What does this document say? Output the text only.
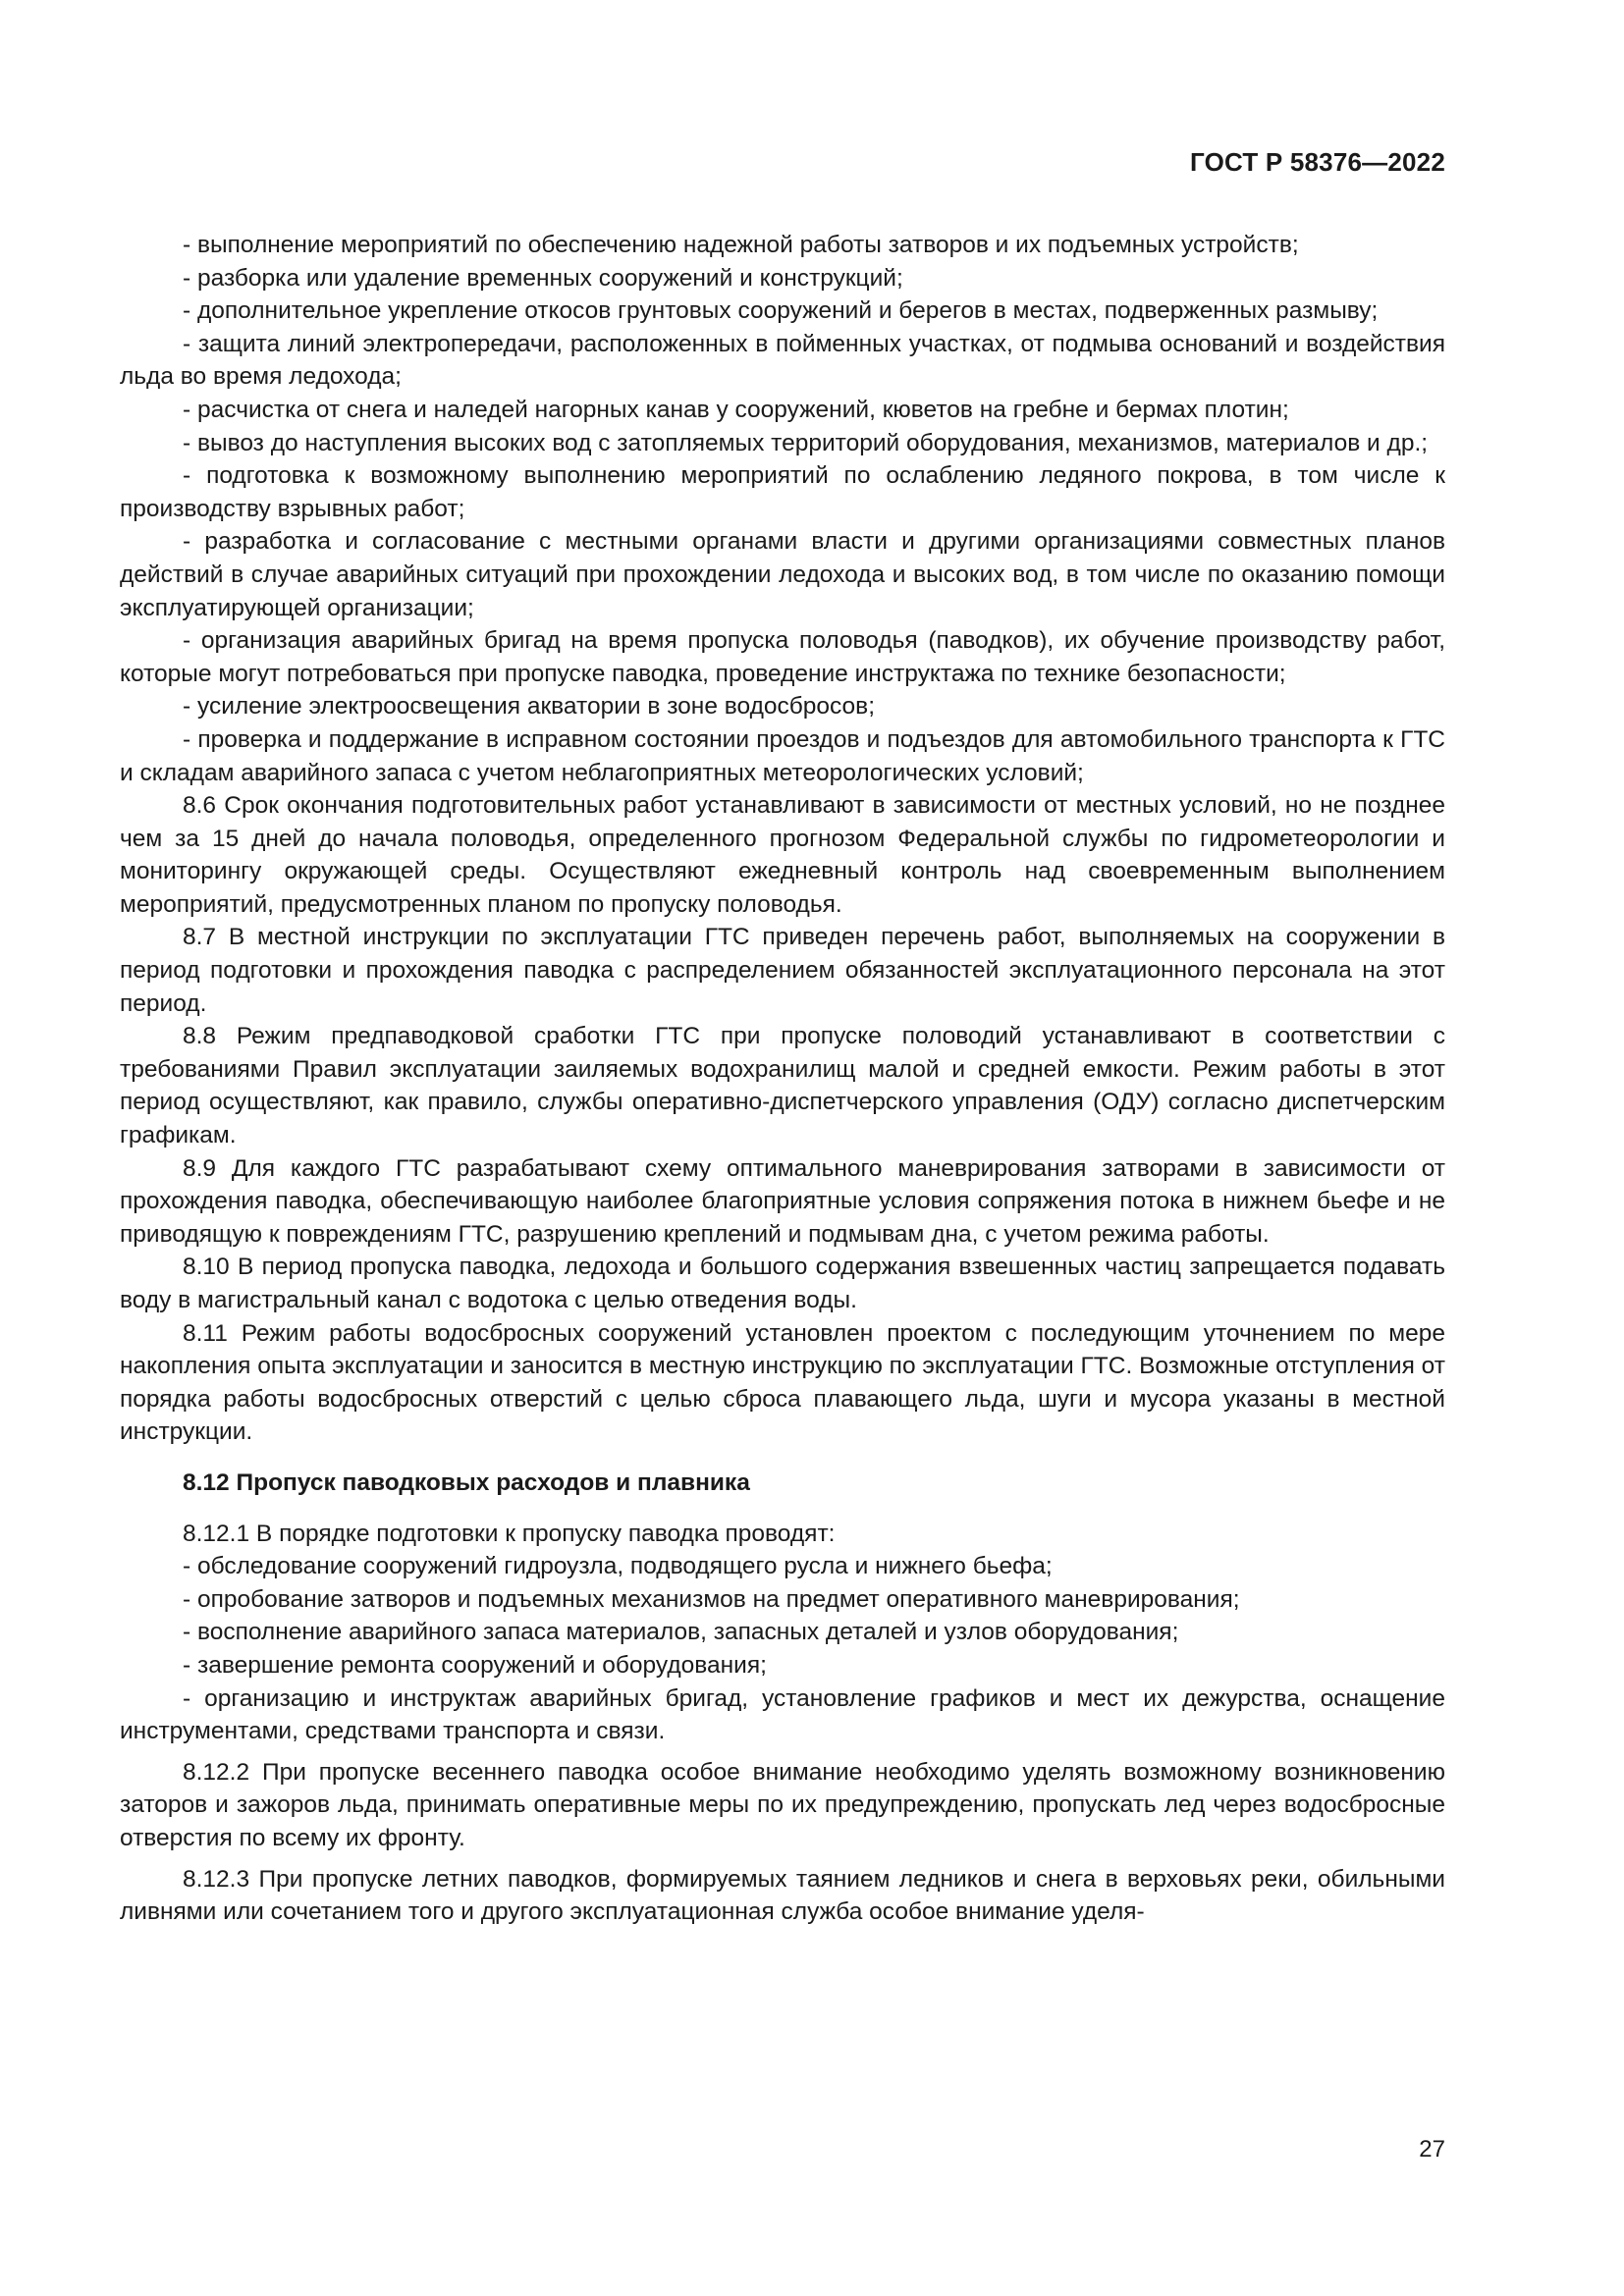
ГОСТ Р 58376—2022

- выполнение мероприятий по обеспечению надежной работы затворов и их подъемных устройств;

- разборка или удаление временных сооружений и конструкций;

- дополнительное укрепление откосов грунтовых сооружений и берегов в местах, подверженных размыву;

- защита линий электропередачи, расположенных в пойменных участках, от подмыва оснований и воздействия льда во время ледохода;

- расчистка от снега и наледей нагорных канав у сооружений, кюветов на гребне и бермах плотин;

- вывоз до наступления высоких вод с затопляемых территорий оборудования, механизмов, материалов и др.;

- подготовка к возможному выполнению мероприятий по ослаблению ледяного покрова, в том числе к производству взрывных работ;

- разработка и согласование с местными органами власти и другими организациями совместных планов действий в случае аварийных ситуаций при прохождении ледохода и высоких вод, в том числе по оказанию помощи эксплуатирующей организации;

- организация аварийных бригад на время пропуска половодья (паводков), их обучение производству работ, которые могут потребоваться при пропуске паводка, проведение инструктажа по технике безопасности;

- усиление электроосвещения акватории в зоне водосбросов;

- проверка и поддержание в исправном состоянии проездов и подъездов для автомобильного транспорта к ГТС и складам аварийного запаса с учетом неблагоприятных метеорологических условий;

8.6 Срок окончания подготовительных работ устанавливают в зависимости от местных условий, но не позднее чем за 15 дней до начала половодья, определенного прогнозом Федеральной службы по гидрометеорологии и мониторингу окружающей среды. Осуществляют ежедневный контроль над своевременным выполнением мероприятий, предусмотренных планом по пропуску половодья.

8.7 В местной инструкции по эксплуатации ГТС приведен перечень работ, выполняемых на сооружении в период подготовки и прохождения паводка с распределением обязанностей эксплуатационного персонала на этот период.

8.8 Режим предпаводковой сработки ГТС при пропуске половодий устанавливают в соответствии с требованиями Правил эксплуатации заиляемых водохранилищ малой и средней емкости. Режим работы в этот период осуществляют, как правило, службы оперативно-диспетчерского управления (ОДУ) согласно диспетчерским графикам.

8.9 Для каждого ГТС разрабатывают схему оптимального маневрирования затворами в зависимости от прохождения паводка, обеспечивающую наиболее благоприятные условия сопряжения потока в нижнем бьефе и не приводящую к повреждениям ГТС, разрушению креплений и подмывам дна, с учетом режима работы.

8.10 В период пропуска паводка, ледохода и большого содержания взвешенных частиц запрещается подавать воду в магистральный канал с водотока с целью отведения воды.

8.11 Режим работы водосбросных сооружений установлен проектом с последующим уточнением по мере накопления опыта эксплуатации и заносится в местную инструкцию по эксплуатации ГТС. Возможные отступления от порядка работы водосбросных отверстий с целью сброса плавающего льда, шуги и мусора указаны в местной инструкции.

8.12 Пропуск паводковых расходов и плавника

8.12.1 В порядке подготовки к пропуску паводка проводят:

- обследование сооружений гидроузла, подводящего русла и нижнего бьефа;

- опробование затворов и подъемных механизмов на предмет оперативного маневрирования;

- восполнение аварийного запаса материалов, запасных деталей и узлов оборудования;

- завершение ремонта сооружений и оборудования;

- организацию и инструктаж аварийных бригад, установление графиков и мест их дежурства, оснащение инструментами, средствами транспорта и связи.

8.12.2 При пропуске весеннего паводка особое внимание необходимо уделять возможному возникновению заторов и зажоров льда, принимать оперативные меры по их предупреждению, пропускать лед через водосбросные отверстия по всему их фронту.

8.12.3 При пропуске летних паводков, формируемых таянием ледников и снега в верховьях реки, обильными ливнями или сочетанием того и другого эксплуатационная служба особое внимание уделя-

27
